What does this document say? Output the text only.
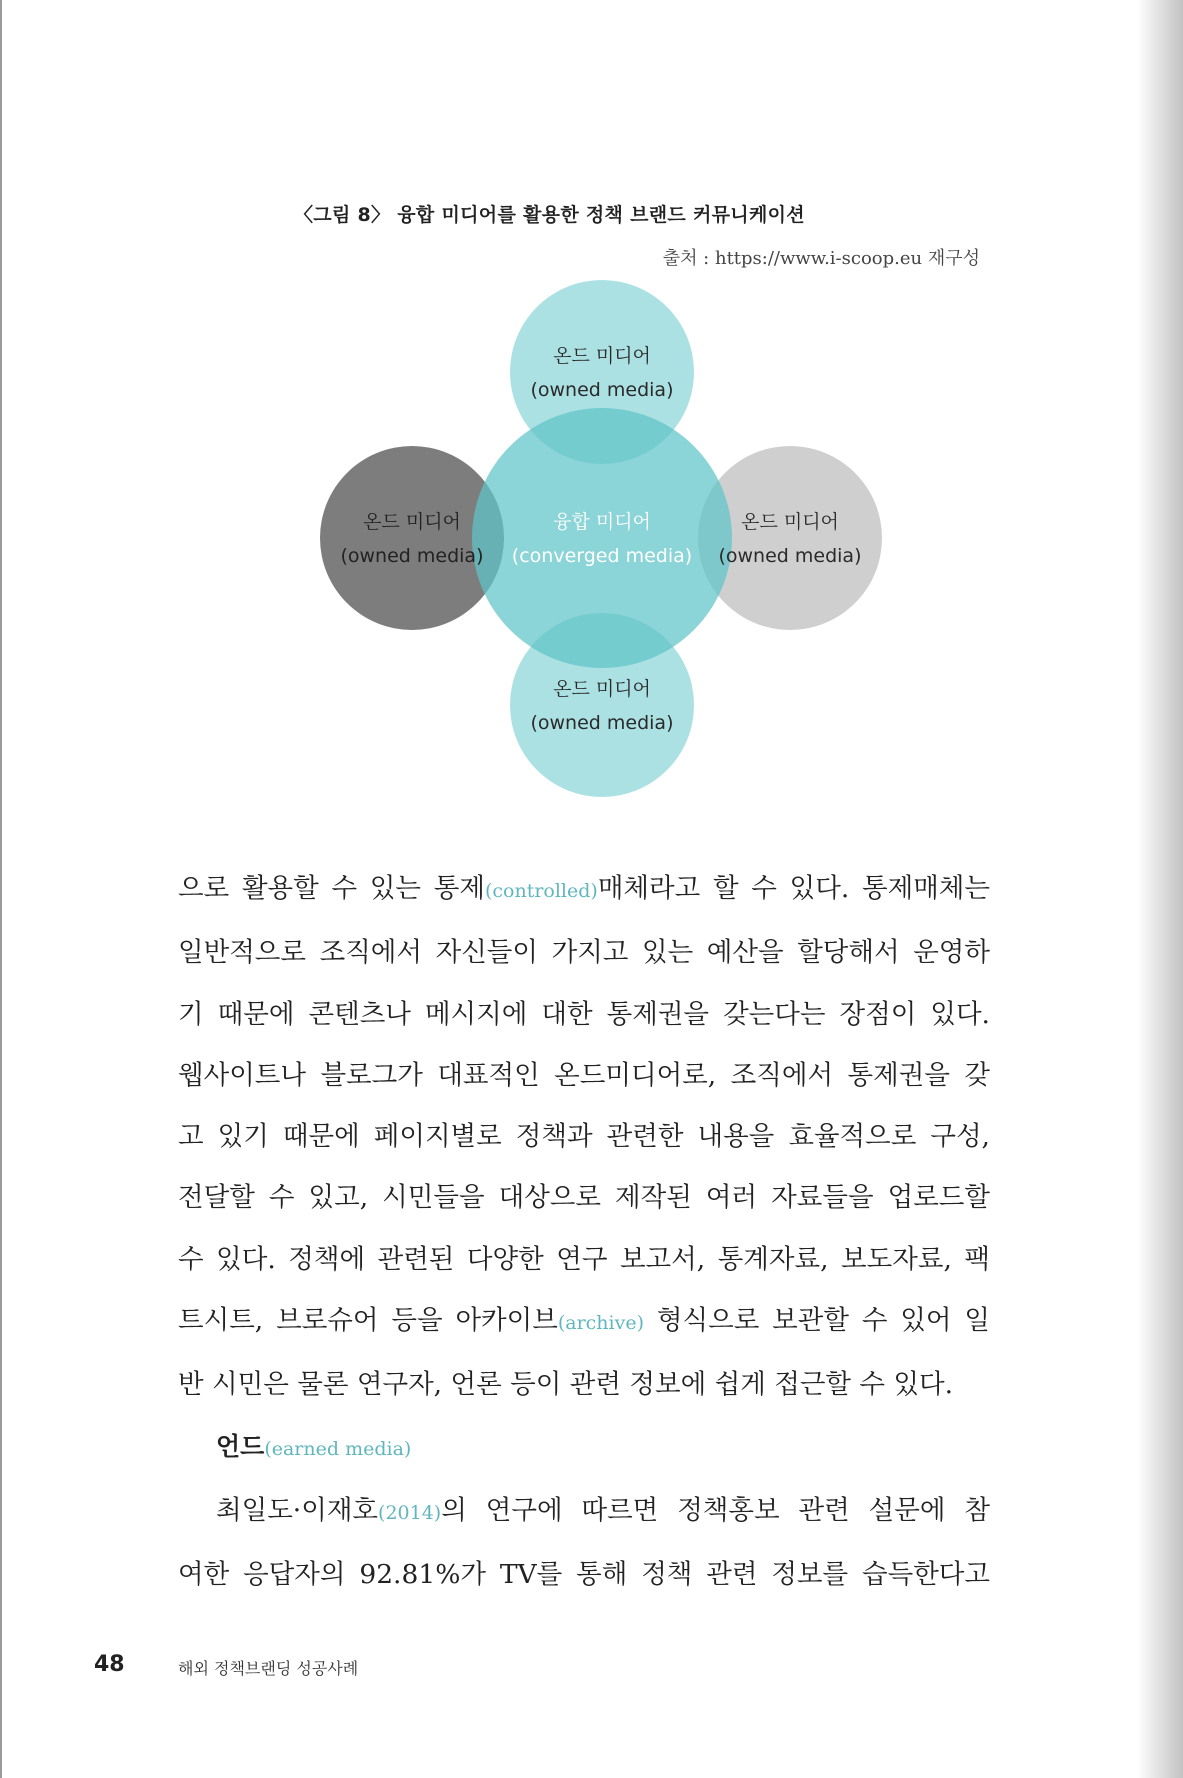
〈그림 8〉 융합 미디어를 활용한 정책 브랜드 커뮤니케이션
출처 : https://www.i-scoop.eu 재구성
온드 미디어
(owned media)
온드 미디어
(owned media)
융합 미디어
(converged media)
온드 미디어
(owned media)
온드 미디어
(owned media)
으로 활용할 수 있는 통제(controlled)매체라고 할 수 있다. 통제매체는
일반적으로 조직에서 자신들이 가지고 있는 예산을 할당해서 운영하
기 때문에 콘텐츠나 메시지에 대한 통제권을 갖는다는 장점이 있다.
웹사이트나 블로그가 대표적인 온드미디어로, 조직에서 통제권을 갖
고 있기 때문에 페이지별로 정책과 관련한 내용을 효율적으로 구성,
전달할 수 있고, 시민들을 대상으로 제작된 여러 자료들을 업로드할
수 있다. 정책에 관련된 다양한 연구 보고서, 통계자료, 보도자료, 팩
트시트, 브로슈어 등을 아카이브(archive) 형식으로 보관할 수 있어 일
반 시민은 물론 연구자, 언론 등이 관련 정보에 쉽게 접근할 수 있다.
언드(earned media)
최일도·이재호(2014)의 연구에 따르면 정책홍보 관련 설문에 참
여한 응답자의 92.81%가 TV를 통해 정책 관련 정보를 습득한다고
48	해외 정책브랜딩 성공사례
